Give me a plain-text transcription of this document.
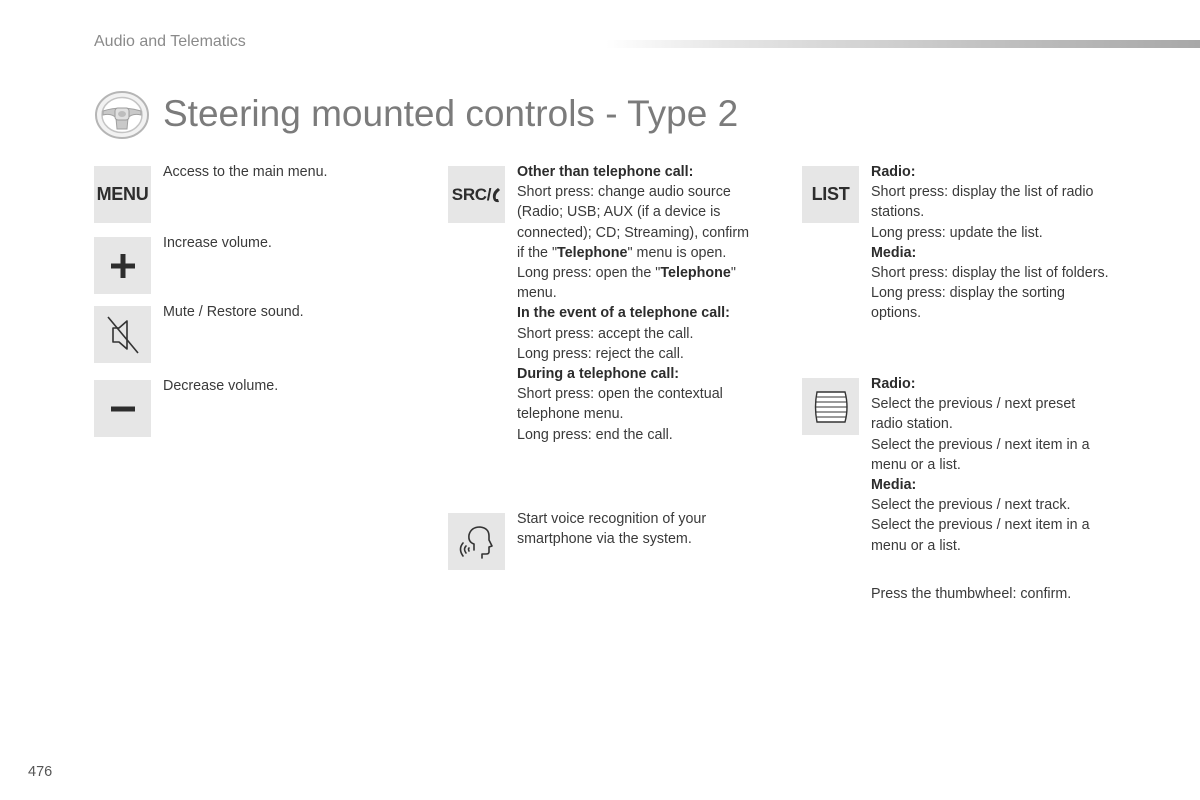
Audio and Telematics
Steering mounted controls - Type 2
MENU
Access to the main menu.
Increase volume.
Mute / Restore sound.
Decrease volume.
SRC/
Other than telephone call:
Short press: change audio source
(Radio; USB; AUX (if a device is
connected); CD; Streaming), confirm
if the "Telephone" menu is open.
Long press: open the "Telephone"
menu.
In the event of a telephone call:
Short press: accept the call.
Long press: reject the call.
During a telephone call:
Short press: open the contextual
telephone menu.
Long press: end the call.
Start voice recognition of your
smartphone via the system.
LIST
Radio:
Short press: display the list of radio
stations.
Long press: update the list.
Media:
Short press: display the list of folders.
Long press: display the sorting
options.
Radio:
Select the previous / next preset
radio station.
Select the previous / next item in a
menu or a list.
Media:
Select the previous / next track.
Select the previous / next item in a
menu or a list.
Press the thumbwheel: confirm.
476
